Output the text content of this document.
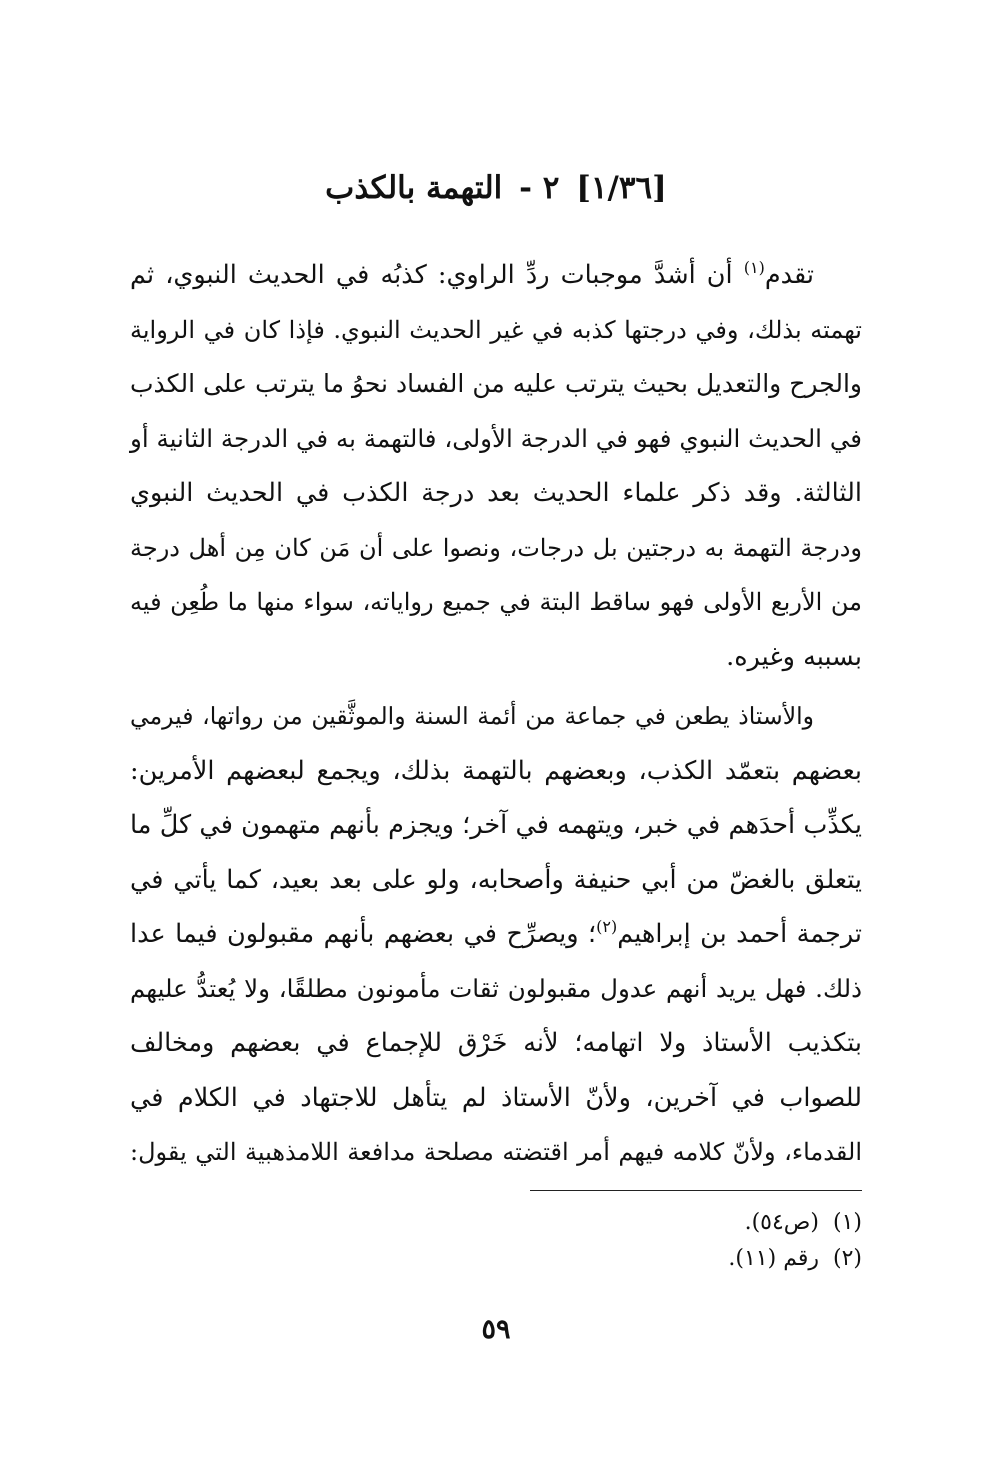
[١/٣٦] ٢ - التهمة بالكذب

تقدم$^{(١)}$ أن أشدَّ موجبات ردِّ الراوي: كذبُه في الحديث النبوي، ثم
تهمته بذلك، وفي درجتها كذبه في غير الحديث النبوي. فإذا كان في الرواية
والجرح والتعديل بحيث يترتب عليه من الفساد نحوُ ما يترتب على الكذب
في الحديث النبوي فهو في الدرجة الأولى، فالتهمة به في الدرجة الثانية أو
الثالثة. وقد ذكر علماء الحديث بعد درجة الكذب في الحديث النبوي
ودرجة التهمة به درجتين بل درجات، ونصوا على أن مَن كان مِن أهل درجة
من الأربع الأولى فهو ساقط البتة في جميع رواياته، سواء منها ما طُعِن فيه
بسببه وغيره.

والأستاذ يطعن في جماعة من أئمة السنة والموثَّقين من رواتها، فيرمي
بعضهم بتعمّد الكذب، وبعضهم بالتهمة بذلك، ويجمع لبعضهم الأمرين:
يكذِّب أحدَهم في خبر، ويتهمه في آخر؛ ويجزم بأنهم متهمون في كلِّ ما
يتعلق بالغضّ من أبي حنيفة وأصحابه، ولو على بعد بعيد، كما يأتي في
ترجمة أحمد بن إبراهيم$^{(٢)}$؛ ويصرِّح في بعضهم بأنهم مقبولون فيما عدا
ذلك. فهل يريد أنهم عدول مقبولون ثقات مأمونون مطلقًا، ولا يُعتدُّ عليهم
بتكذيب الأستاذ ولا اتهامه؛ لأنه خَرْق للإجماع في بعضهم ومخالف
للصواب في آخرين، ولأنّ الأستاذ لم يتأهل للاجتهاد في الكلام في
القدماء، ولأنّ كلامه فيهم أمر اقتضته مصلحة مدافعة اللامذهبية التي يقول:

(١)(ص٥٤).
(٢)رقم (١١).
٥٩
